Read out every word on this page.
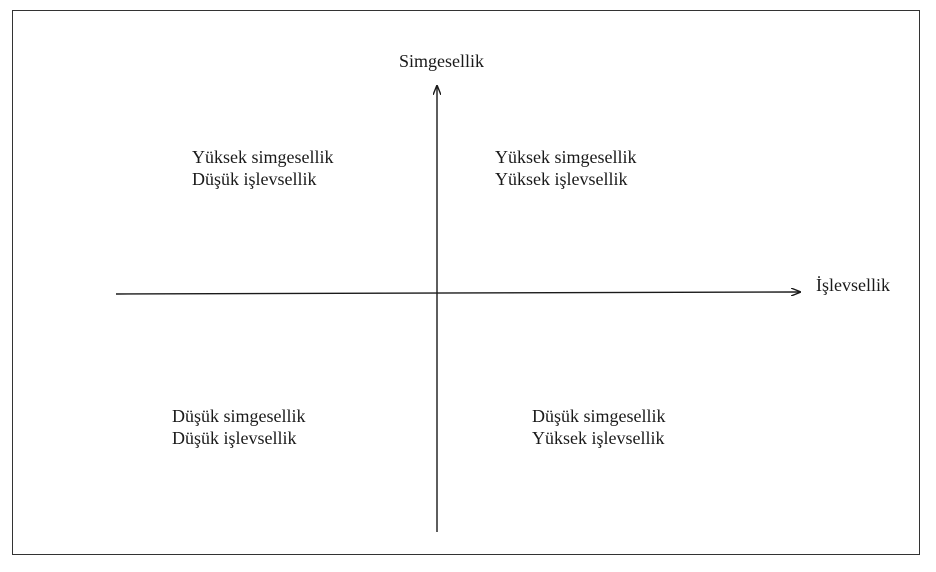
Simgesellik
İşlevsellik
Yüksek simgesellik
Düşük işlevsellik
Yüksek simgesellik
Yüksek işlevsellik
Düşük simgesellik
Düşük işlevsellik
Düşük simgesellik
Yüksek işlevsellik
